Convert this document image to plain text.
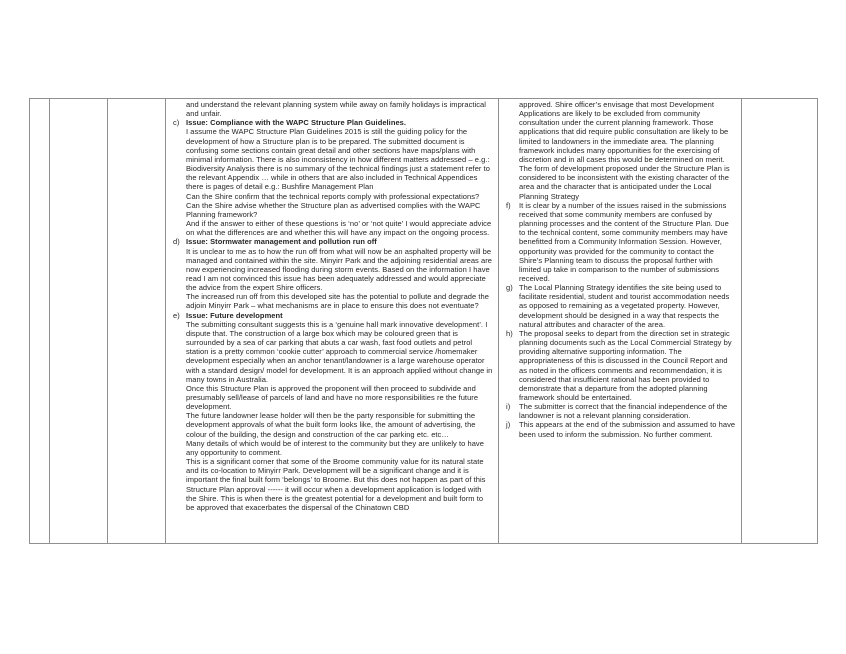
and understand the relevant planning system while away on family holidays is impractical and unfair.
c) Issue: Compliance with the WAPC Structure Plan Guidelines.
I assume the WAPC Structure Plan Guidelines 2015 is still the guiding policy for the development of how a Structure plan is to be prepared. The submitted document is confusing some sections contain great detail and other sections have maps/plans with minimal information. There is also inconsistency in how different matters addressed – e.g.: Biodiversity Analysis there is no summary of the technical findings just a statement refer to the relevant Appendix … while in others that are also included in Technical Appendices there is pages of detail e.g.: Bushfire Management Plan
Can the Shire confirm that the technical reports comply with professional expectations?
Can the Shire advise whether the Structure plan as advertised complies with the WAPC Planning framework?
And if the answer to either of these questions is ‘no’ or ‘not quite’ I would appreciate advice on what the differences are and whether this will have any impact on the ongoing process.
d) Issue: Stormwater management and pollution run off
It is unclear to me as to how the run off from what will now be an asphalted property will be managed and contained within the site. Minyirr Park and the adjoining residential areas are now experiencing increased flooding during storm events. Based on the information I have read I am not convinced this issue has been adequately addressed and would appreciate the advice from the expert Shire officers.
The increased run off from this developed site has the potential to pollute and degrade the adjoin Minyirr Park – what mechanisms are in place to ensure this does not eventuate?
e) Issue: Future development
The submitting consultant suggests this is a ‘genuine hall mark innovative development’. I dispute that. The construction of a large box which may be coloured green that is surrounded by a sea of car parking that abuts a car wash, fast food outlets and petrol station is a pretty common ‘cookie cutter’ approach to commercial service /homemaker development especially when an anchor tenant/landowner is a large warehouse operator with a standard design/ model for development. It is an approach applied without change in many towns in Australia.
Once this Structure Plan is approved the proponent will then proceed to subdivide and presumably sell/lease of parcels of land and have no more responsibilities re the future development.
The future landowner lease holder will then be the party responsible for submitting the development approvals of what the built form looks like, the amount of advertising, the colour of the building, the design and construction of the car parking etc. etc…
Many details of which would be of interest to the community but they are unlikely to have any opportunity to comment.
This is a significant corner that some of the Broome community value for its natural state and its co-location to Minyirr Park. Development will be a significant change and it is important the final built form ‘belongs’ to Broome. But this does not happen as part of this Structure Plan approval ------ it will occur when a development application is lodged with the Shire. This is when there is the greatest potential for a development and built form to be approved that exacerbates the dispersal of the Chinatown CBD
approved. Shire officer’s envisage that most Development Applications are likely to be excluded from community consultation under the current planning framework. Those applications that did require public consultation are likely to be limited to landowners in the immediate area. The planning framework includes many opportunities for the exercising of discretion and in all cases this would be determined on merit. The form of development proposed under the Structure Plan is considered to be inconsistent with the existing character of the area and the character that is anticipated under the Local Planning Strategy
f)	It is clear by a number of the issues raised in the submissions received that some community members are confused by planning processes and the content of the Structure Plan. Due to the technical content, some community members may have benefitted from a Community Information Session. However, opportunity was provided for the community to contact the Shire’s Planning team to discuss the proposal further with limited up take in comparison to the number of submissions received.
g) The Local Planning Strategy identifies the site being used to facilitate residential, student and tourist accommodation needs as opposed to remaining as a vegetated property. However, development should be designed in a way that respects the natural attributes and character of the area.
h) The proposal seeks to depart from the direction set in strategic planning documents such as the Local Commercial Strategy by providing alternative supporting information. The appropriateness of this is discussed in the Council Report and as noted in the officers comments and recommendation, it is considered that insufficient rational has been provided to demonstrate that a departure from the adopted planning framework should be entertained.
i)	The submitter is correct that the financial independence of the landowner is not a relevant planning consideration.
j)	This appears at the end of the submission and assumed to have been used to inform the submission. No further comment.
